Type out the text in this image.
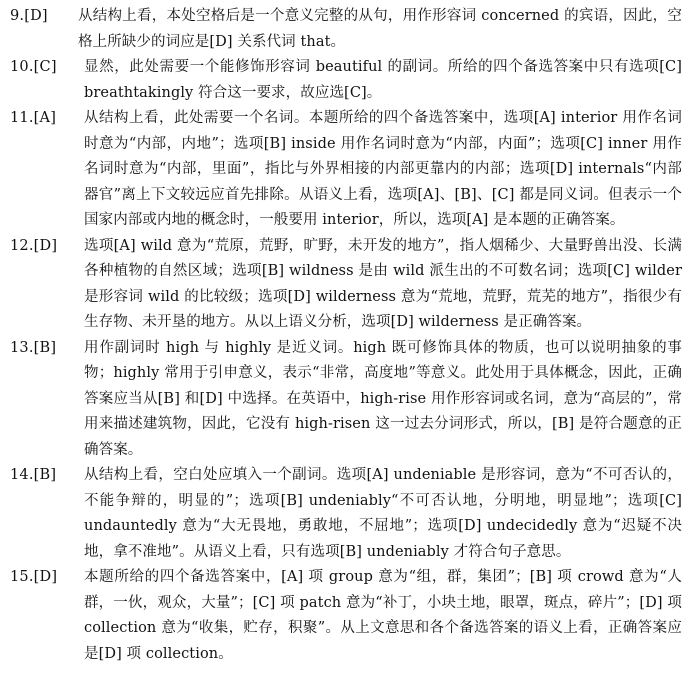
9.[D]	从结构上看，本处空格后是一个意义完整的从句，用作形容词 concerned 的宾语，因此，空格上所缺少的词应是[D] 关系代词 that。
10.[C]	显然，此处需要一个能修饰形容词 beautiful 的副词。所给的四个备选答案中只有选项[C] breathtakingly 符合这一要求，故应选[C]。
11.[A]	从结构上看，此处需要一个名词。本题所给的四个备选答案中，选项[A] interior 用作名词时意为“内部，内地”；选项[B] inside 用作名词时意为“内部，内面”；选项[C] inner 用作名词时意为“内部，里面”，指比与外界相接的内部更靠内的内部；选项[D] internals“内部器官”离上下文较远应首先排除。从语义上看，选项[A]、[B]、[C] 都是同义词。但表示一个国家内部或内地的概念时，一般要用 interior，所以，选项[A] 是本题的正确答案。
12.[D]	选项[A] wild 意为“荒原，荒野，旷野，未开发的地方”，指人烟稀少、大量野兽出没、长满各种植物的自然区域；选项[B] wildness 是由 wild 派生出的不可数名词；选项[C] wilder 是形容词 wild 的比较级；选项[D] wilderness 意为“荒地，荒野，荒芜的地方”，指很少有生存物、未开垦的地方。从以上语义分析，选项[D] wilderness 是正确答案。
13.[B]	用作副词时 high 与 highly 是近义词。high 既可修饰具体的物质，也可以说明抽象的事物；highly 常用于引申意义，表示“非常，高度地”等意义。此处用于具体概念，因此，正确答案应当从[B] 和[D] 中选择。在英语中，high-rise 用作形容词或名词，意为“高层的”，常用来描述建筑物，因此，它没有 high-risen 这一过去分词形式，所以，[B] 是符合题意的正确答案。
14.[B]	从结构上看，空白处应填入一个副词。选项[A] undeniable 是形容词，意为“不可否认的，不能争辩的，明显的”；选项[B] undeniably“不可否认地，分明地，明显地”；选项[C] undauntedly 意为“大无畏地，勇敢地，不屈地”；选项[D] undecidedly 意为“迟疑不决地，拿不准地”。从语义上看，只有选项[B] undeniably 才符合句子意思。
15.[D]	本题所给的四个备选答案中，[A] 项 group 意为“组，群，集团”；[B] 项 crowd 意为“人群，一伙，观众，大量”；[C] 项 patch 意为“补丁，小块土地，眼罩，斑点，碎片”；[D] 项 collection 意为“收集，贮存，积聚”。从上文意思和各个备选答案的语义上看，正确答案应是[D] 项 collection。
